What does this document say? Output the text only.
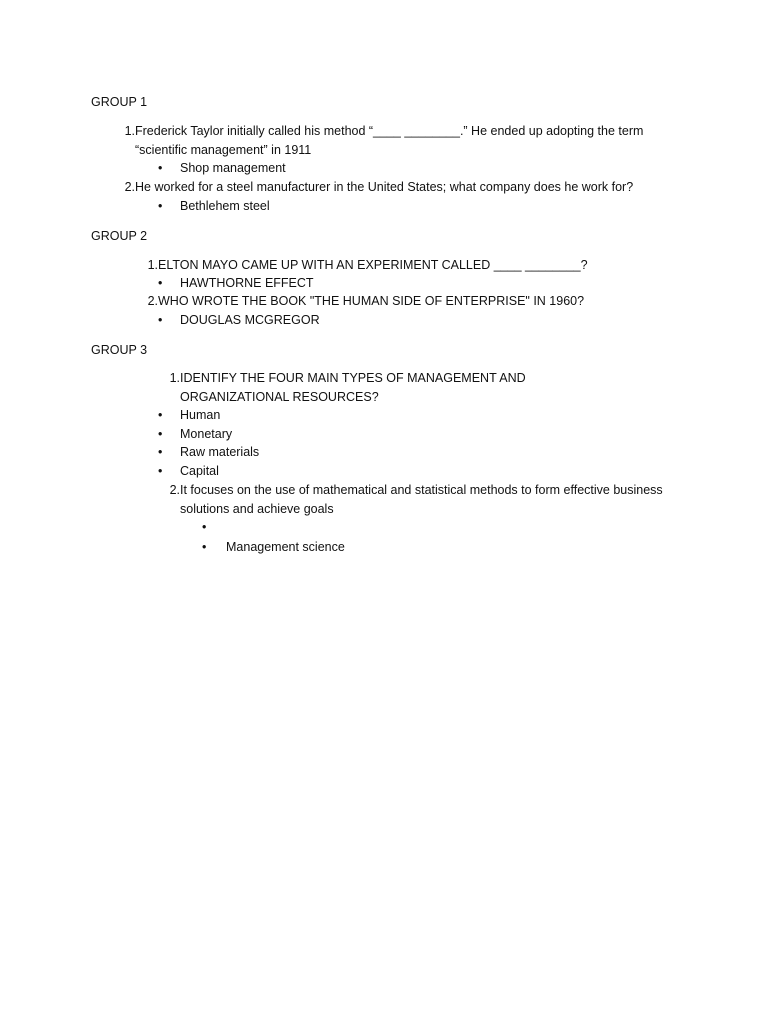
GROUP 1
1. Frederick Taylor initially called his method “____ ________.” He ended up adopting the term “scientific management” in 1911
• Shop management
2. He worked for a steel manufacturer in the United States; what company does he work for?
• Bethlehem steel
GROUP 2
1. ELTON MAYO CAME UP WITH AN EXPERIMENT CALLED ____ ________?
• HAWTHORNE EFFECT
2. WHO WROTE THE BOOK "THE HUMAN SIDE OF ENTERPRISE" IN 1960?
• DOUGLAS MCGREGOR
GROUP 3
1. IDENTIFY THE FOUR MAIN TYPES OF MANAGEMENT AND ORGANIZATIONAL RESOURCES?
• Human
• Monetary
• Raw materials
• Capital
2. It focuses on the use of mathematical and statistical methods to form effective business solutions and achieve goals
•
• Management science
